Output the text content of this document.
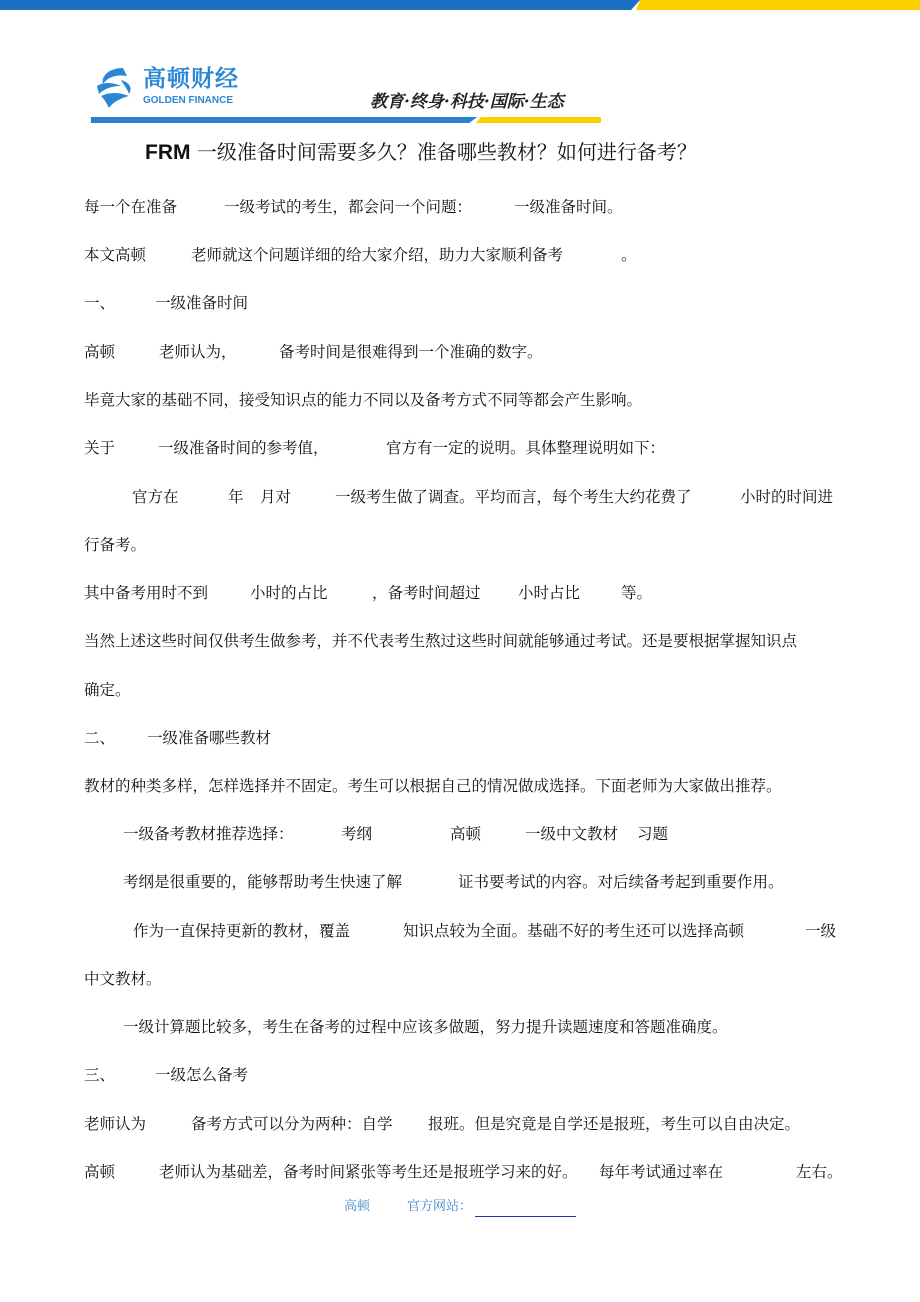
高顿财经
GOLDEN FINANCE	教育·终身·科技·国际·生态
FRM 一级准备时间需要多久？准备哪些教材？如何进行备考？
每一个在准备	一级考试的考生，都会问一个问题：	一级准备时间。
本文高顿	老师就这个问题详细的给大家介绍，助力大家顺利备考	。
一、	一级准备时间
高顿	老师认为，	备考时间是很难得到一个准确的数字。
毕竟大家的基础不同，接受知识点的能力不同以及备考方式不同等都会产生影响。
关于	一级准备时间的参考值，	官方有一定的说明。具体整理说明如下：
官方在	年 月对	一级考生做了调查。平均而言，每个考生大约花费了	小时的时间进
行备考。
其中备考用时不到	小时的占比	，备考时间超过 小时占比	等。
当然上述这些时间仅供考生做参考，并不代表考生熬过这些时间就能够通过考试。还是要根据掌握知识点
确定。
二、 一级准备哪些教材
教材的种类多样，怎样选择并不固定。考生可以根据自己的情况做成选择。下面老师为大家做出推荐。
一级备考教材推荐选择：	考纲	高顿	一级中文教材 习题
考纲是很重要的，能够帮助考生快速了解	证书要考试的内容。对后续备考起到重要作用。
作为一直保持更新的教材，覆盖	知识点较为全面。基础不好的考生还可以选择高顿	一级
中文教材。
一级计算题比较多，考生在备考的过程中应该多做题，努力提升读题速度和答题准确度。
三、	一级怎么备考
老师认为	备考方式可以分为两种：自学 报班。但是究竟是自学还是报班，考生可以自由决定。
高顿	老师认为基础差，备考时间紧张等考生还是报班学习来的好。 每年考试通过率在	左右。
高顿	官方网站：
